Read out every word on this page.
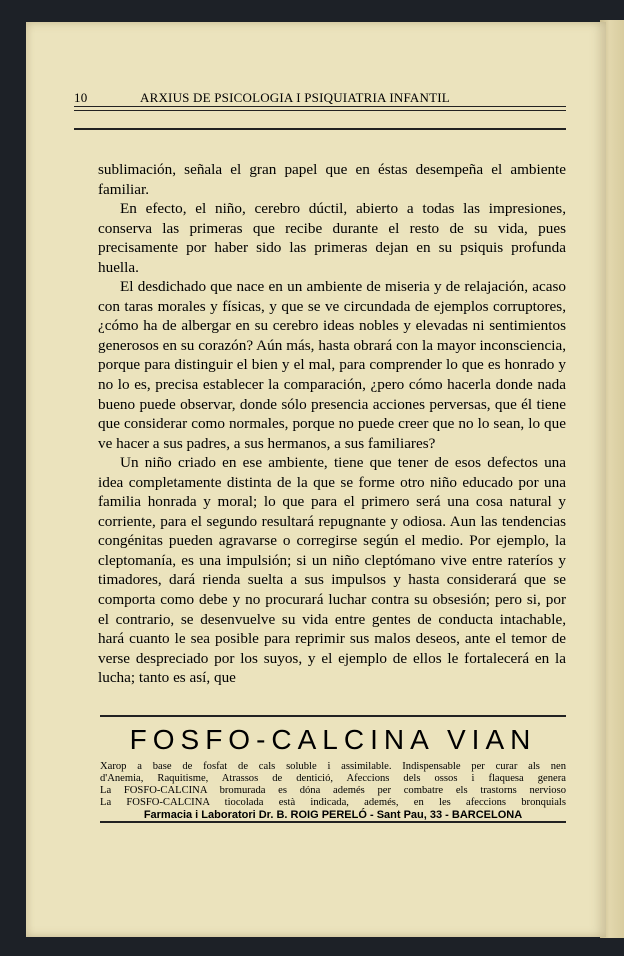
10	ARXIUS DE PSICOLOGIA I PSIQUIATRIA INFANTIL

sublimación, señala el gran papel que en éstas desempeña el ambiente familiar.

En efecto, el niño, cerebro dúctil, abierto a todas las impresiones, conserva las primeras que recibe durante el resto de su vida, pues precisamente por haber sido las primeras dejan en su psiquis profunda huella.

El desdichado que nace en un ambiente de miseria y de relajación, acaso con taras morales y físicas, y que se ve circundada de ejemplos corruptores, ¿cómo ha de albergar en su cerebro ideas nobles y elevadas ni sentimientos generosos en su corazón? Aún más, hasta obrará con la mayor inconsciencia, porque para distinguir el bien y el mal, para comprender lo que es honrado y no lo es, precisa establecer la comparación, ¿pero cómo hacerla donde nada bueno puede observar, donde sólo presencia acciones perversas, que él tiene que considerar como normales, porque no puede creer que no lo sean, lo que ve hacer a sus padres, a sus hermanos, a sus familiares?

Un niño criado en ese ambiente, tiene que tener de esos defectos una idea completamente distinta de la que se forme otro niño educado por una familia honrada y moral; lo que para el primero será una cosa natural y corriente, para el segundo resultará repugnante y odiosa. Aun las tendencias congénitas pueden agravarse o corregirse según el medio. Por ejemplo, la cleptomanía, es una impulsión; si un niño cleptómano vive entre rateríos y timadores, dará rienda suelta a sus impulsos y hasta considerará que se comporta como debe y no procurará luchar contra su obsesión; pero si, por el contrario, se desenvuelve su vida entre gentes de conducta intachable, hará cuanto le sea posible para reprimir sus malos deseos, ante el temor de verse despreciado por los suyos, y el ejemplo de ellos le fortalecerá en la lucha; tanto es así, que

FOSFO-CALCINA VIAN
Xarop a base de fosfat de cals soluble i assimilable. Indispensable per curar als nen
d'Anemia, Raquitisme, Atrassos de dentició, Afeccions dels ossos i flaquesa genera
La FOSFO-CALCINA bromurada es dóna ademés per combatre els trastorns nervioso
La FOSFO-CALCINA tiocolada està indicada, ademés, en les afeccions bronquials
Farmacia i Laboratori Dr. B. ROIG PERELÓ - Sant Pau, 33 - BARCELONA
